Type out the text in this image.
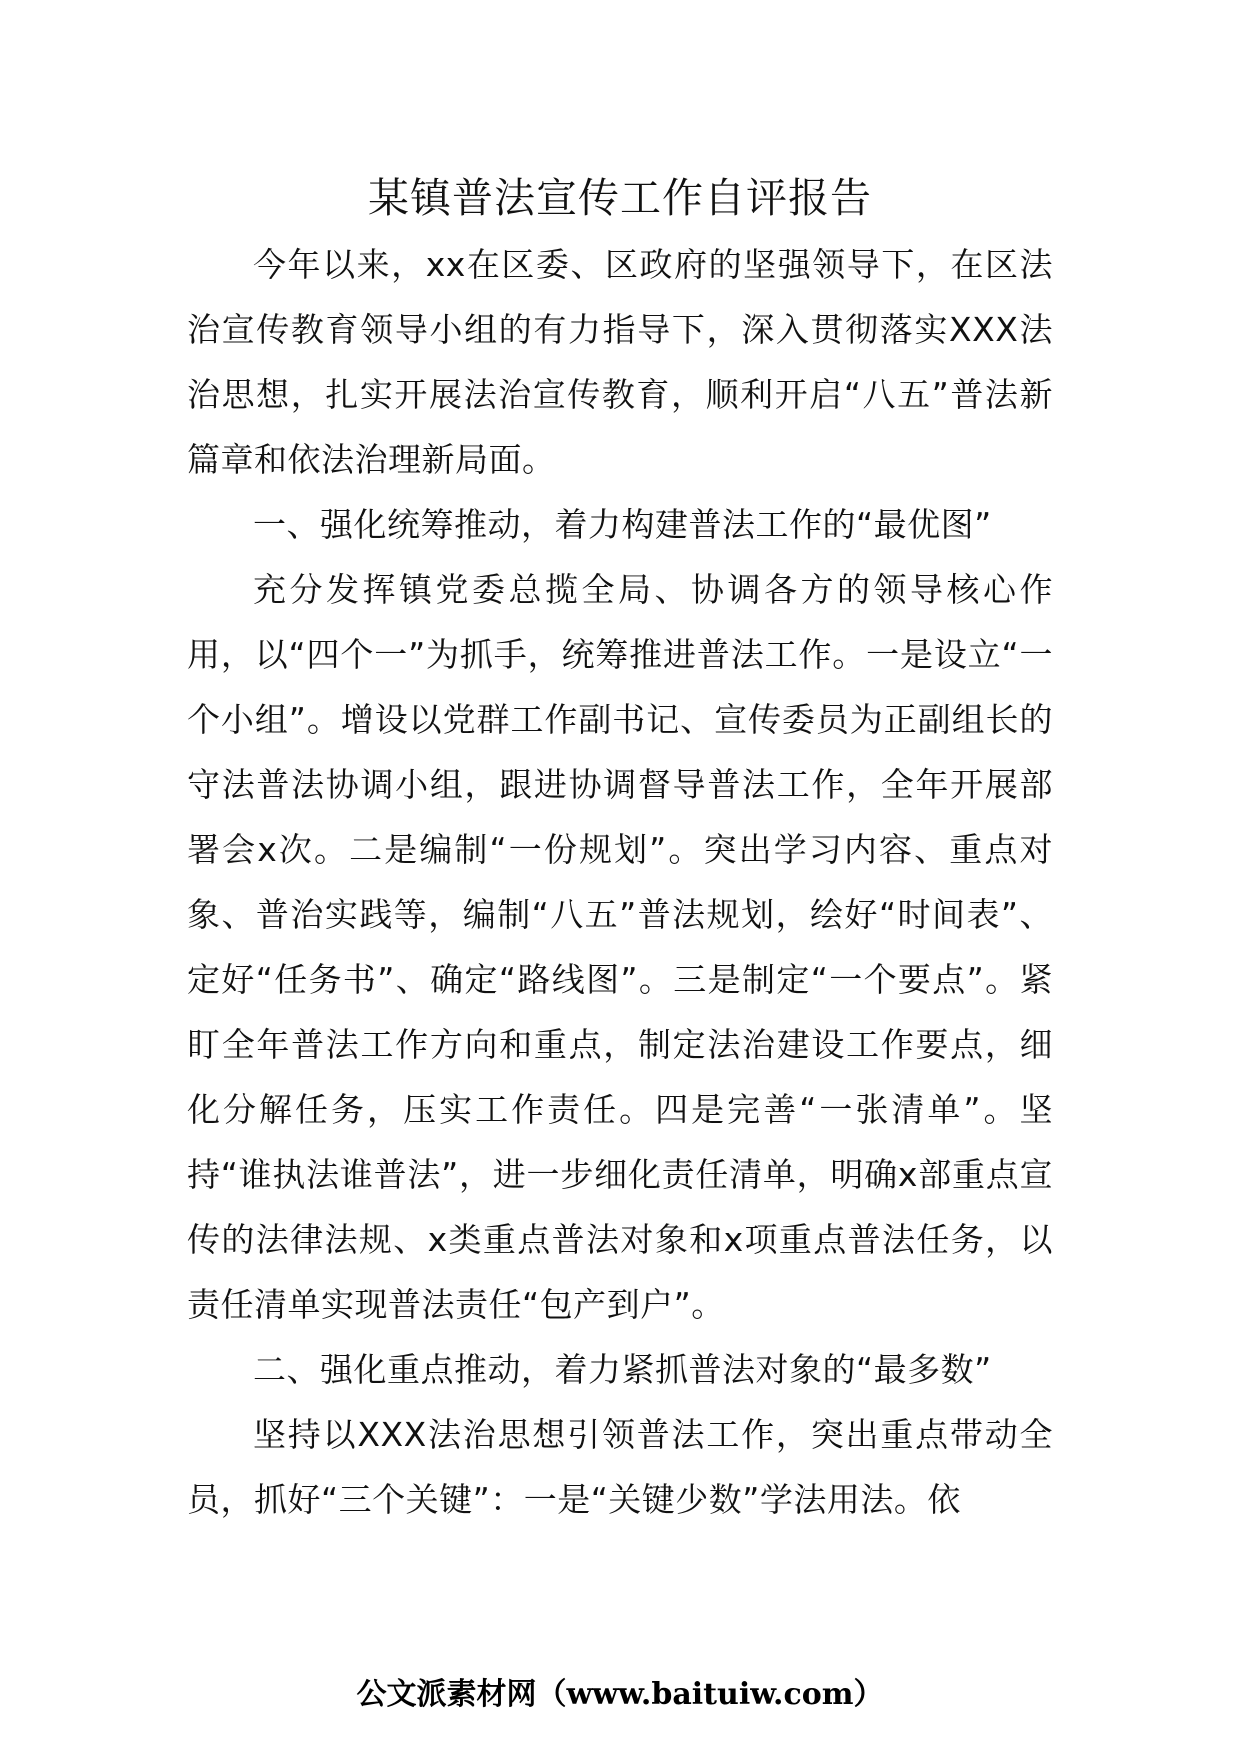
某镇普法宣传工作自评报告

今年以来，xx在区委、区政府的坚强领导下，在区法治宣传教育领导小组的有力指导下，深入贯彻落实XXX法治思想，扎实开展法治宣传教育，顺利开启“八五”普法新篇章和依法治理新局面。

一、强化统筹推动，着力构建普法工作的“最优图”

充分发挥镇党委总揽全局、协调各方的领导核心作用，以“四个一”为抓手，统筹推进普法工作。一是设立“一个小组”。增设以党群工作副书记、宣传委员为正副组长的守法普法协调小组，跟进协调督导普法工作，全年开展部署会x次。二是编制“一份规划”。突出学习内容、重点对象、普治实践等，编制“八五”普法规划，绘好“时间表”、定好“任务书”、确定“路线图”。三是制定“一个要点”。紧盯全年普法工作方向和重点，制定法治建设工作要点，细化分解任务，压实工作责任。四是完善“一张清单”。坚持“谁执法谁普法”，进一步细化责任清单，明确x部重点宣传的法律法规、x类重点普法对象和x项重点普法任务，以责任清单实现普法责任“包产到户”。

二、强化重点推动，着力紧抓普法对象的“最多数”

坚持以XXX法治思想引领普法工作，突出重点带动全员，抓好“三个关键”：一是“关键少数”学法用法。依

公文派素材网（www.baituiw.com）
